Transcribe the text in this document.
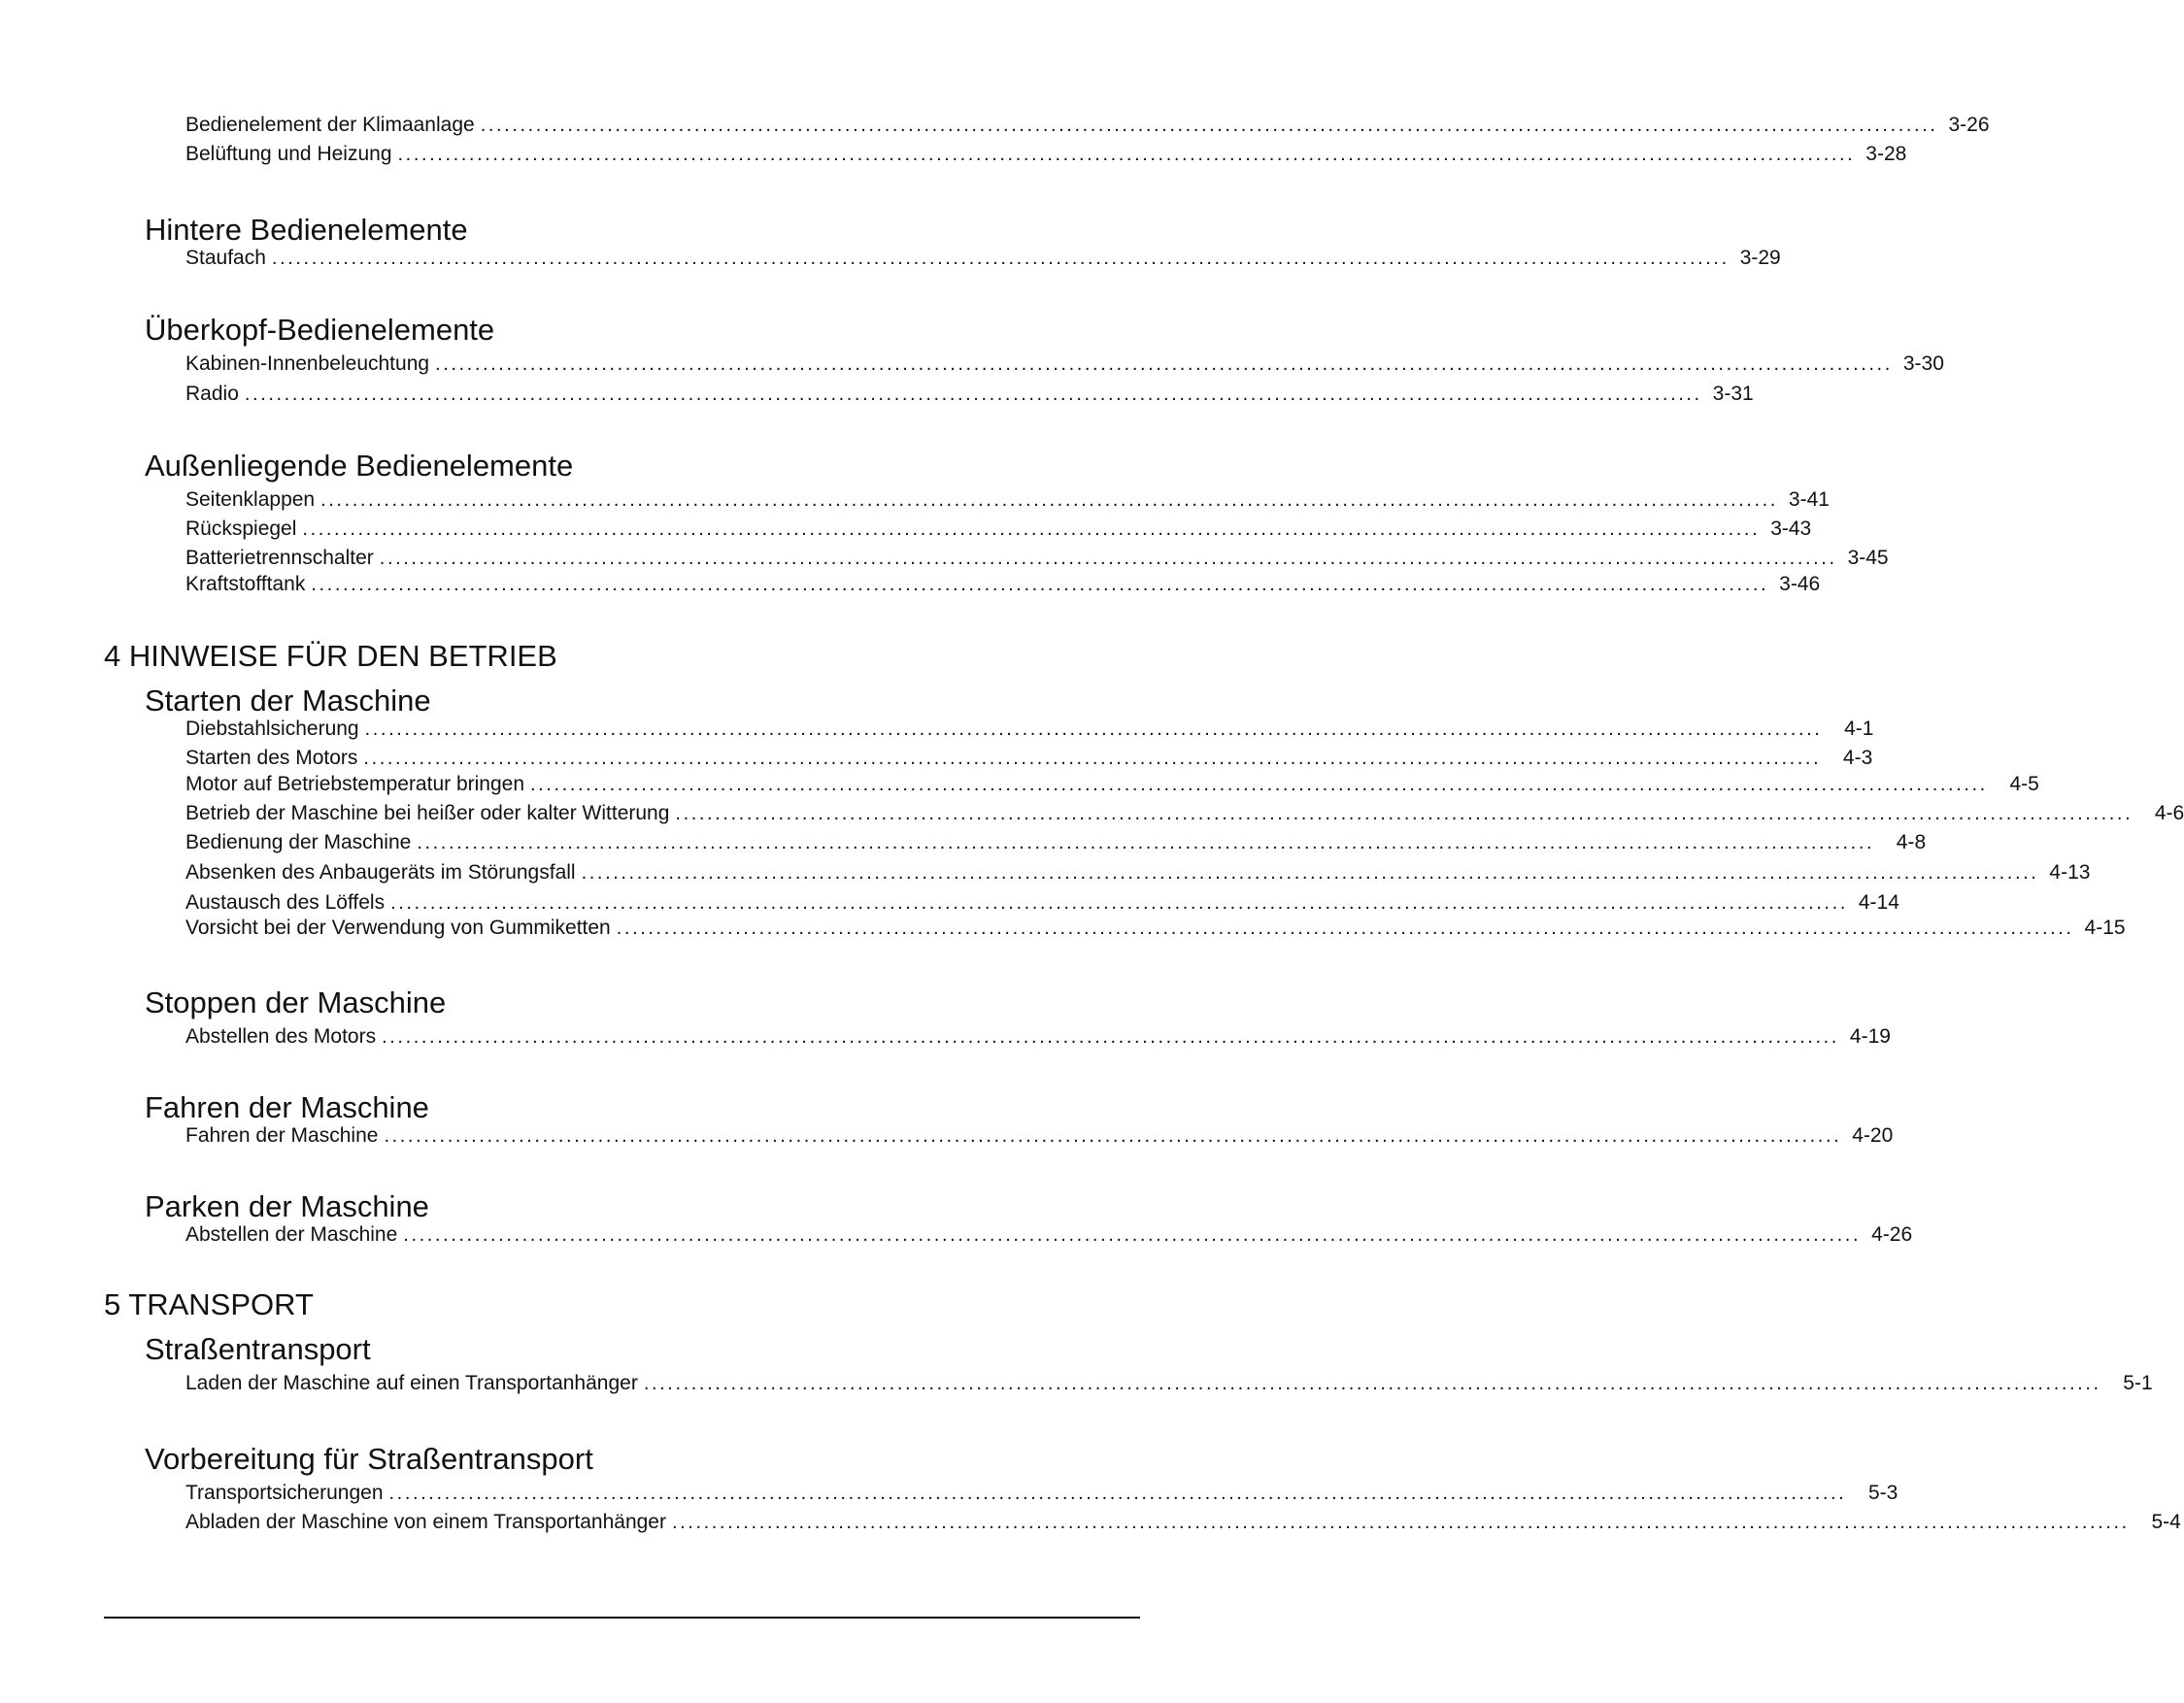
Bedienelement der Klimaanlage ........................................................................................................................................................................................ 3-26
Belüftung und Heizung ........................................................................................................................................................................................ 3-28
Hintere Bedienelemente
Staufach ........................................................................................................................................................................................ 3-29
Überkopf-Bedienelemente
Kabinen-Innenbeleuchtung ........................................................................................................................................................................................ 3-30
Radio ........................................................................................................................................................................................ 3-31
Außenliegende Bedienelemente
Seitenklappen ........................................................................................................................................................................................ 3-41
Rückspiegel ........................................................................................................................................................................................ 3-43
Batterietrennschalter ........................................................................................................................................................................................ 3-45
Kraftstofftank ........................................................................................................................................................................................ 3-46
4 HINWEISE FÜR DEN BETRIEB
Starten der Maschine
Diebstahlsicherung ........................................................................................................................................................................................	4-1
Starten des Motors ........................................................................................................................................................................................	4-3
Motor auf Betriebstemperatur bringen ........................................................................................................................................................................................	4-5
Betrieb der Maschine bei heißer oder kalter Witterung ........................................................................................................................................................................................	4-6
Bedienung der Maschine ........................................................................................................................................................................................	4-8
Absenken des Anbaugeräts im Störungsfall ........................................................................................................................................................................................ 4-13
Austausch des Löffels ........................................................................................................................................................................................ 4-14
Vorsicht bei der Verwendung von Gummiketten ........................................................................................................................................................................................ 4-15
Stoppen der Maschine
Abstellen des Motors ........................................................................................................................................................................................ 4-19
Fahren der Maschine
Fahren der Maschine ........................................................................................................................................................................................ 4-20
Parken der Maschine
Abstellen der Maschine ........................................................................................................................................................................................ 4-26
5 TRANSPORT
Straßentransport
Laden der Maschine auf einen Transportanhänger ........................................................................................................................................................................................	5-1
Vorbereitung für Straßentransport
Transportsicherungen ........................................................................................................................................................................................	5-3
Abladen der Maschine von einem Transportanhänger ........................................................................................................................................................................................	5-4
